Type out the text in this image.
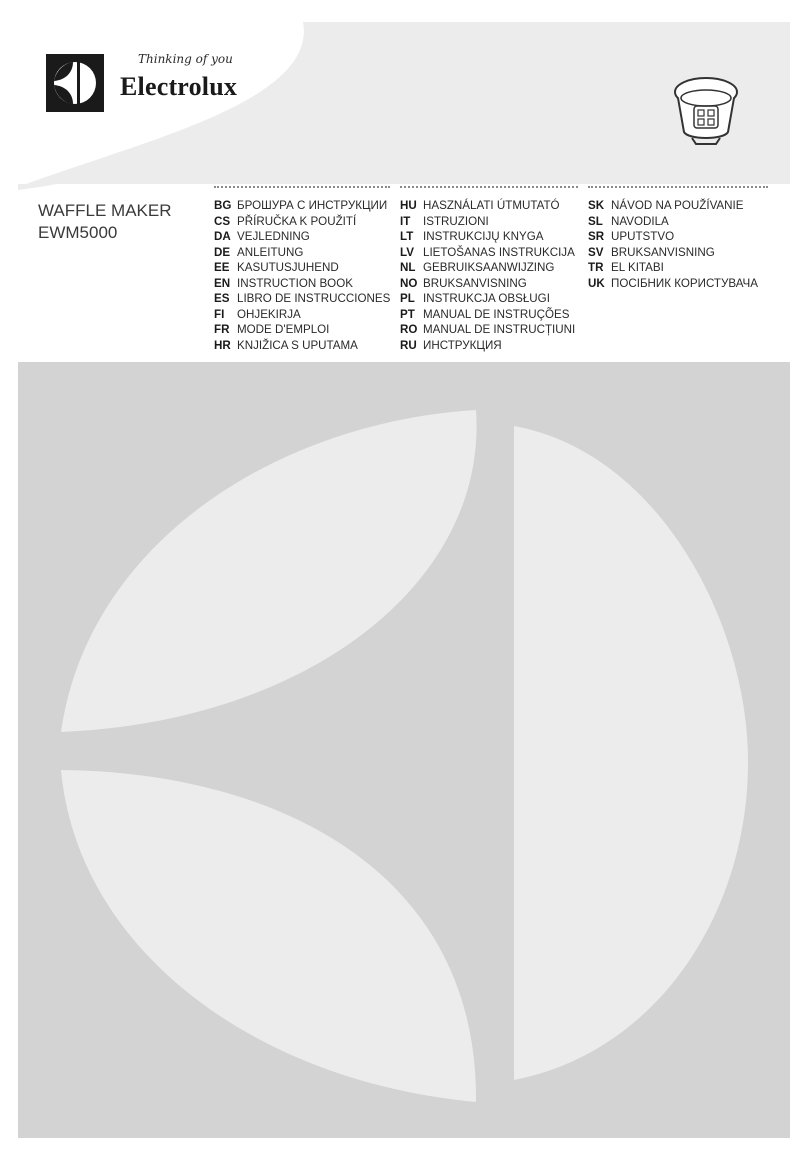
Thinking of you
Electrolux
WAFFLE MAKER
EWM5000
BG БРОШУРА С ИНСТРУКЦИИ
CS PŘÍRUČKA K POUŽITÍ
DA VEJLEDNING
DE ANLEITUNG
EE KASUTUSJUHEND
EN INSTRUCTION BOOK
ES LIBRO DE INSTRUCCIONES
FI OHJEKIRJA
FR MODE D'EMPLOI
HR KNJIŽICA S UPUTAMA
HU HASZNÁLATI ÚTMUTATÓ
IT ISTRUZIONI
LT INSTRUKCIJŲ KNYGA
LV LIETOŠANAS INSTRUKCIJA
NL GEBRUIKSAANWIJZING
NO BRUKSANVISNING
PL INSTRUKCJA OBSŁUGI
PT MANUAL DE INSTRUÇÕES
RO MANUAL DE INSTRUCȚIUNI
RU ИНСТРУКЦИЯ
SK NÁVOD NA POUŽÍVANIE
SL NAVODILA
SR UPUTSTVO
SV BRUKSANVISNING
TR EL KITABI
UK ПОСІБНИК КОРИСТУВАЧА
